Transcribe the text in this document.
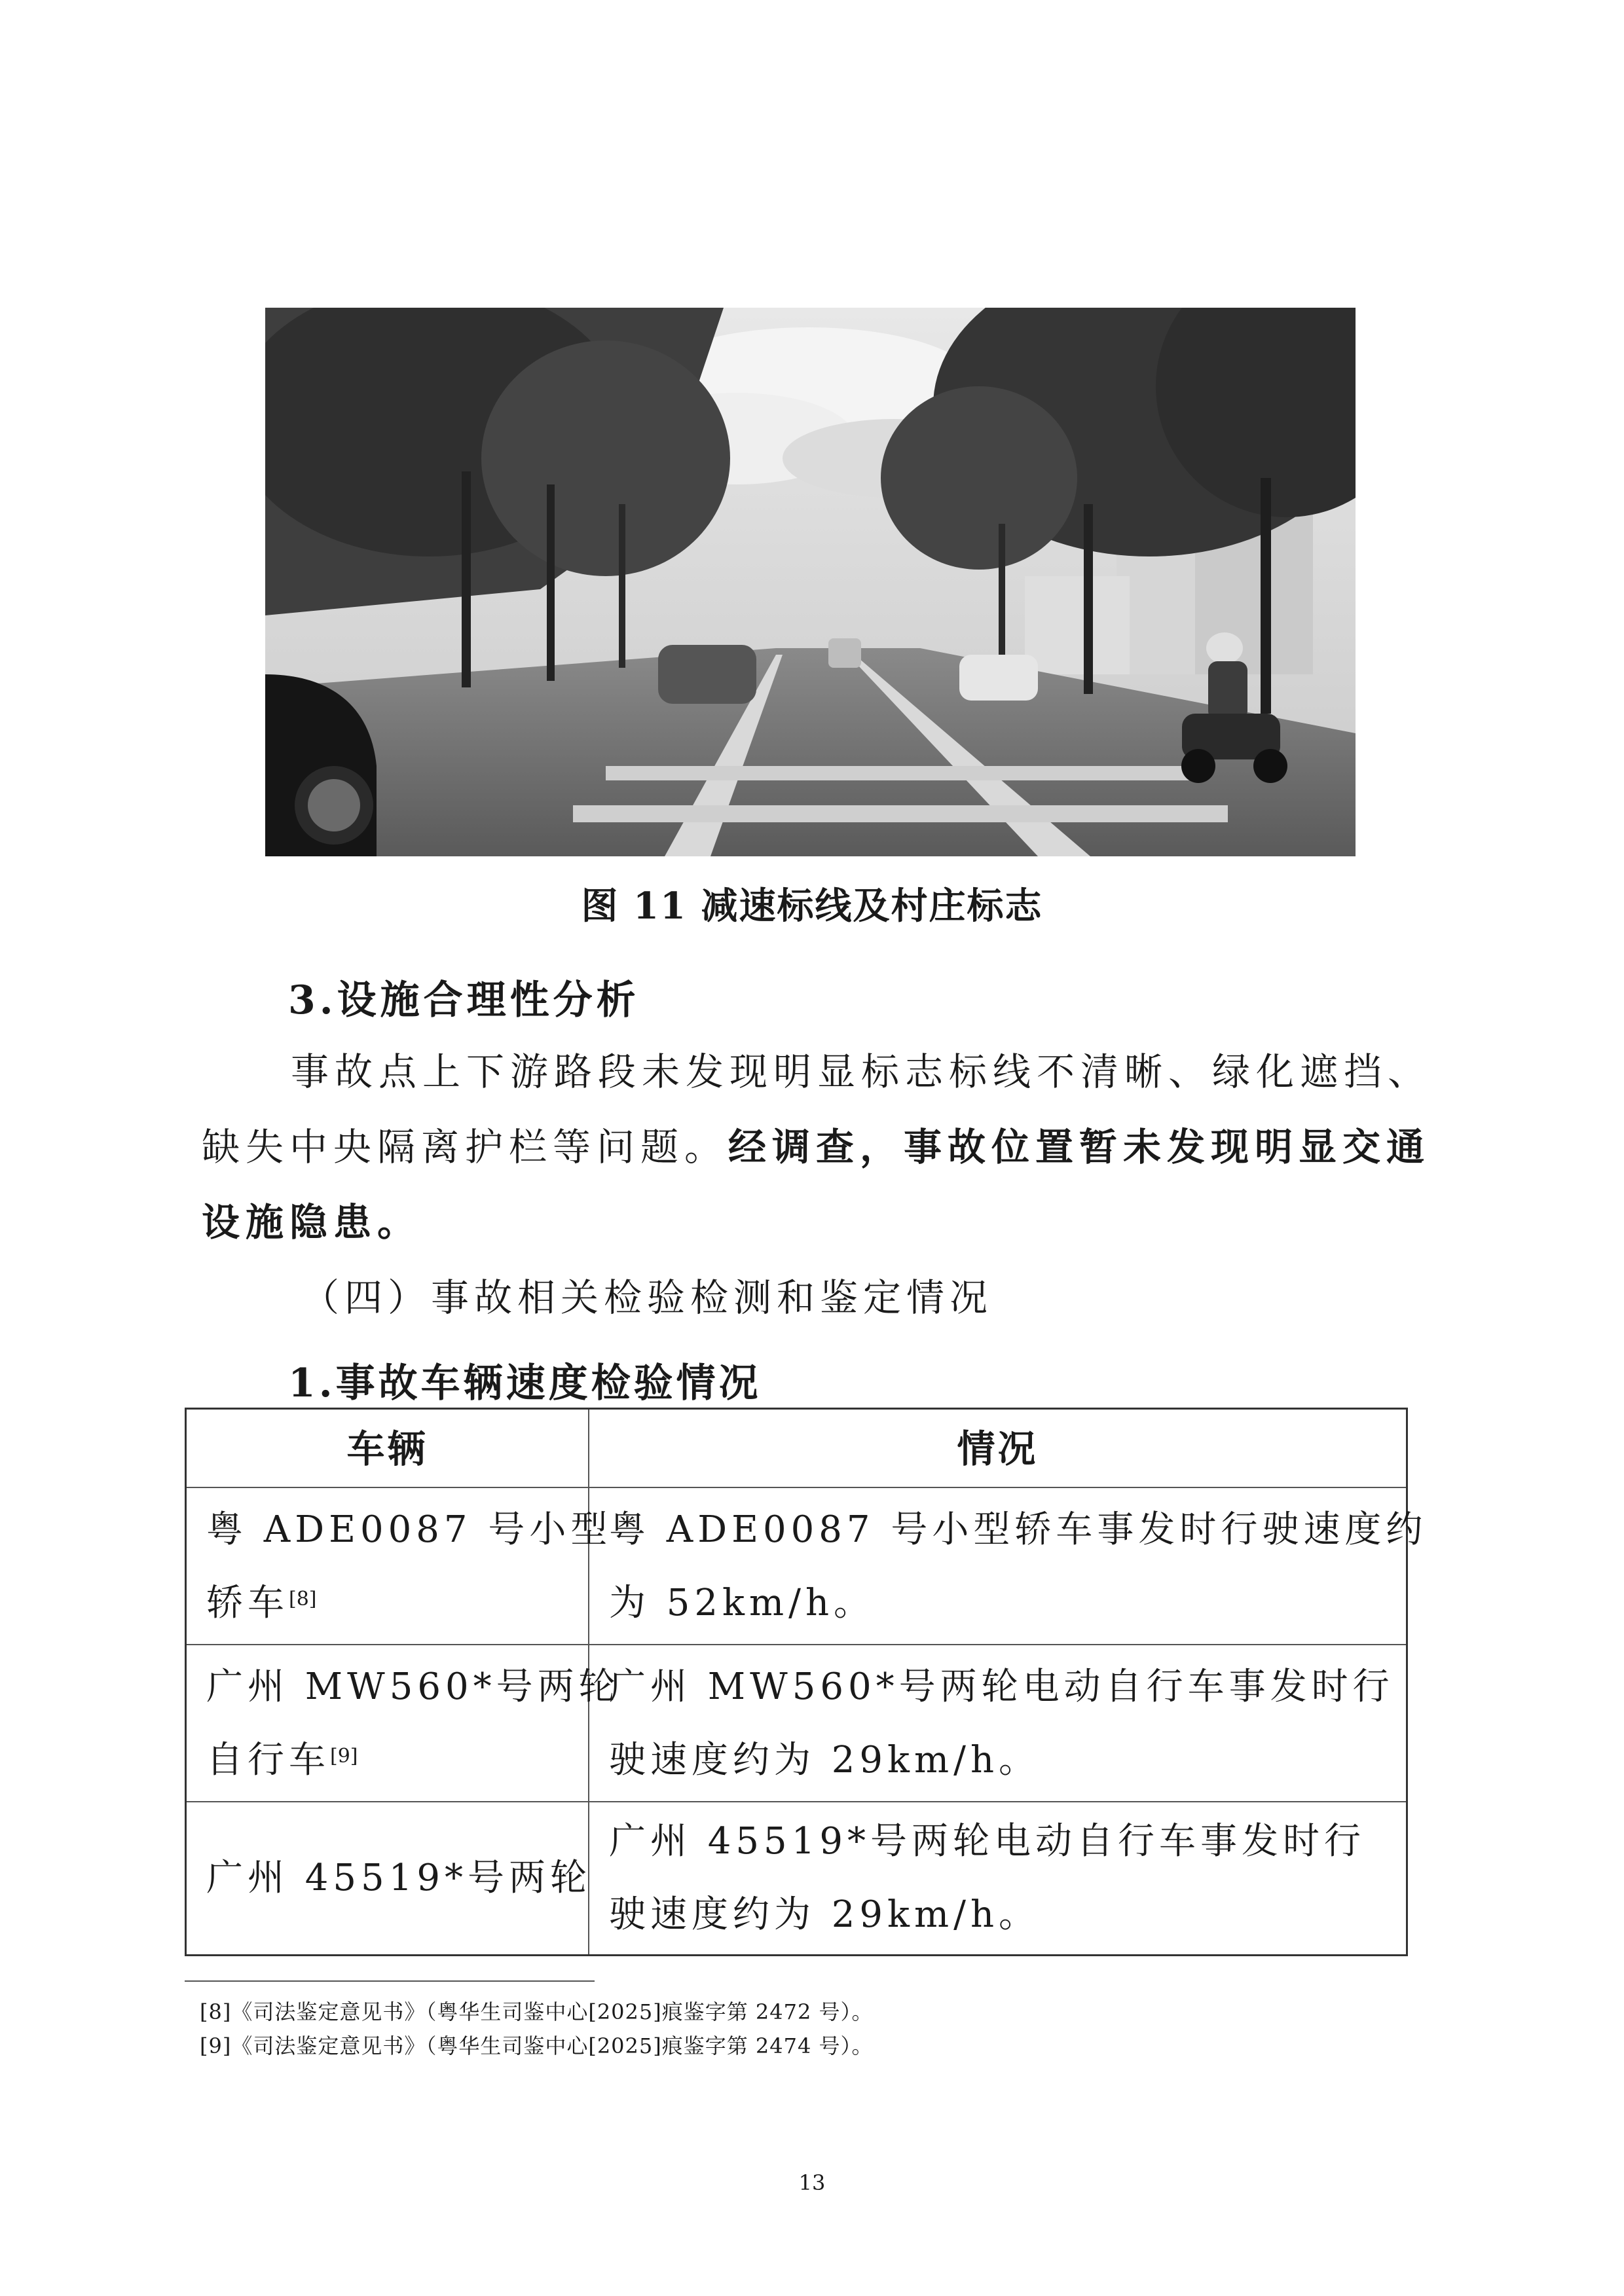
图 11 减速标线及村庄标志
3.设施合理性分析
事故点上下游路段未发现明显标志标线不清晰、绿化遮挡、
缺失中央隔离护栏等问题。经调查，事故位置暂未发现明显交通
设施隐患。
（四）事故相关检验检测和鉴定情况
1.事故车辆速度检验情况
车辆	情况
粤 ADE0087 号小型
轿车[8]
粤 ADE0087 号小型轿车事发时行驶速度约
为 52km/h。
广州 MW560*号两轮
自行车[9]
广州 MW560*号两轮电动自行车事发时行
驶速度约为 29km/h。
广州 45519*号两轮
广州 45519*号两轮电动自行车事发时行
驶速度约为 29km/h。
[8]《司法鉴定意见书》（粤华生司鉴中心[2025]痕鉴字第 2472 号）。
[9]《司法鉴定意见书》（粤华生司鉴中心[2025]痕鉴字第 2474 号）。
13
